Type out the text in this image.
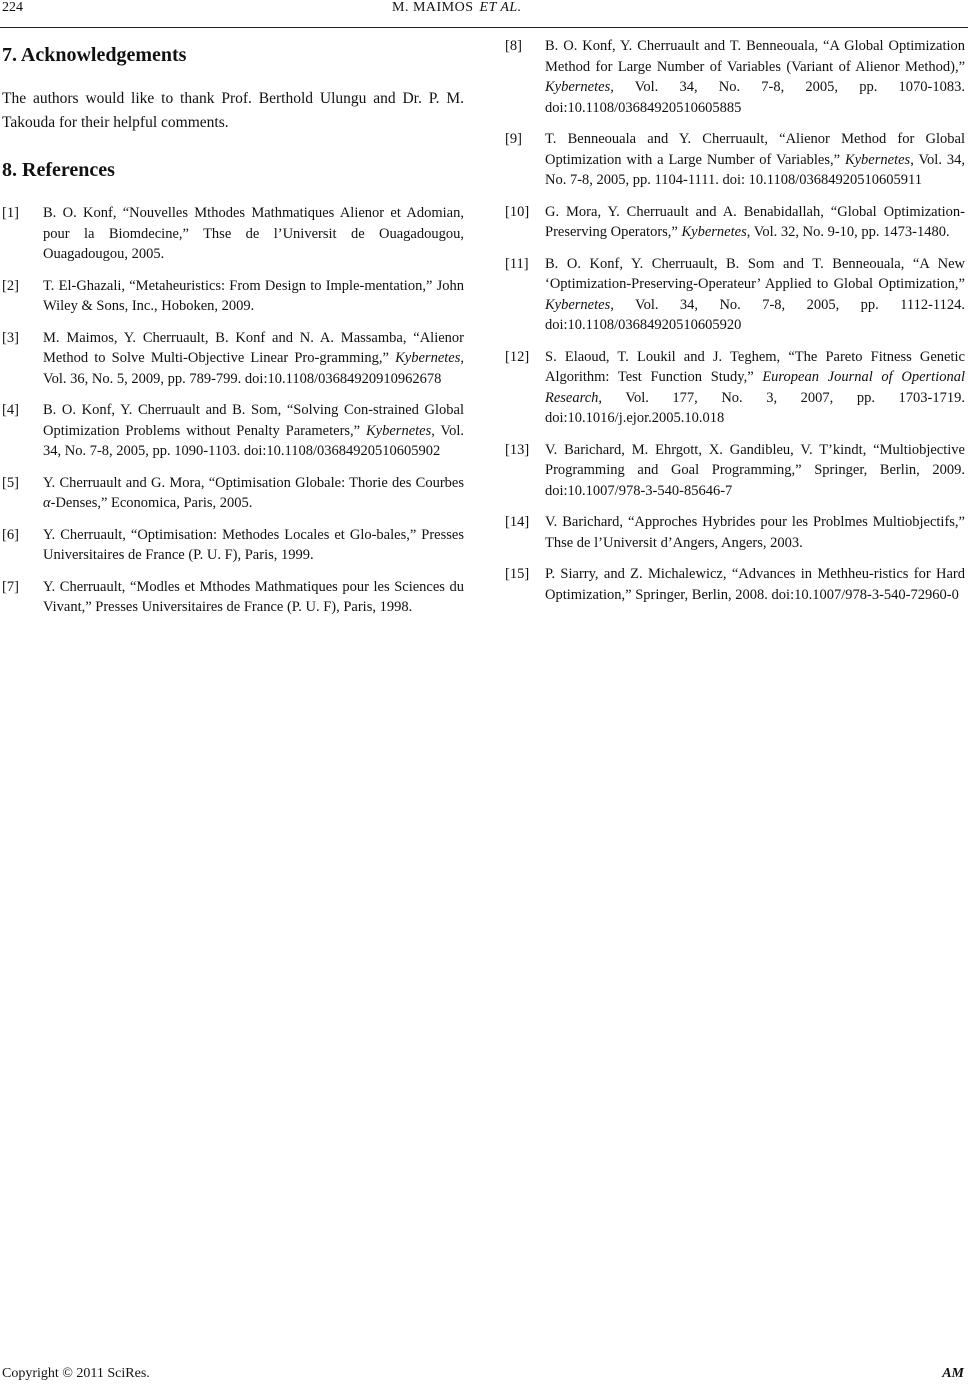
224	M. MAIMOS ET AL.
7. Acknowledgements

The authors would like to thank Prof. Berthold Ulungu and Dr. P. M. Takouda for their helpful comments.

8. References
[1] B. O. Konf, “Nouvelles Mthodes Mathmatiques Alienor et Adomian, pour la Biomdecine,” Thse de l’Universit de Ouagadougou, Ouagadougou, 2005.
[2] T. El-Ghazali, “Metaheuristics: From Design to Imple-mentation,” John Wiley & Sons, Inc., Hoboken, 2009.
[3] M. Maimos, Y. Cherruault, B. Konf and N. A. Massamba, “Alienor Method to Solve Multi-Objective Linear Pro-gramming,” Kybernetes, Vol. 36, No. 5, 2009, pp. 789-799. doi:10.1108/03684920910962678
[4] B. O. Konf, Y. Cherruault and B. Som, “Solving Con-strained Global Optimization Problems without Penalty Parameters,” Kybernetes, Vol. 34, No. 7-8, 2005, pp. 1090-1103. doi:10.1108/03684920510605902
[5] Y. Cherruault and G. Mora, “Optimisation Globale: Thorie des Courbes α-Denses,” Economica, Paris, 2005.
[6] Y. Cherruault, “Optimisation: Methodes Locales et Glo-bales,” Presses Universitaires de France (P. U. F), Paris, 1999.
[7] Y. Cherruault, “Modles et Mthodes Mathmatiques pour les Sciences du Vivant,” Presses Universitaires de France (P. U. F), Paris, 1998.
[8] B. O. Konf, Y. Cherruault and T. Benneouala, “A Global Optimization Method for Large Number of Variables (Variant of Alienor Method),” Kybernetes, Vol. 34, No. 7-8, 2005, pp. 1070-1083. doi:10.1108/03684920510605885
[9] T. Benneouala and Y. Cherruault, “Alienor Method for Global Optimization with a Large Number of Variables,” Kybernetes, Vol. 34, No. 7-8, 2005, pp. 1104-1111. doi: 10.1108/03684920510605911
[10] G. Mora, Y. Cherruault and A. Benabidallah, “Global Optimization-Preserving Operators,” Kybernetes, Vol. 32, No. 9-10, pp. 1473-1480.
[11] B. O. Konf, Y. Cherruault, B. Som and T. Benneouala, “A New ‘Optimization-Preserving-Operateur’ Applied to Global Optimization,” Kybernetes, Vol. 34, No. 7-8, 2005, pp. 1112-1124. doi:10.1108/03684920510605920
[12] S. Elaoud, T. Loukil and J. Teghem, “The Pareto Fitness Genetic Algorithm: Test Function Study,” European Journal of Opertional Research, Vol. 177, No. 3, 2007, pp. 1703-1719. doi:10.1016/j.ejor.2005.10.018
[13] V. Barichard, M. Ehrgott, X. Gandibleu, V. T’kindt, “Multiobjective Programming and Goal Programming,” Springer, Berlin, 2009. doi:10.1007/978-3-540-85646-7
[14] V. Barichard, “Approches Hybrides pour les Problmes Multiobjectifs,” Thse de l’Universit d’Angers, Angers, 2003.
[15] P. Siarry, and Z. Michalewicz, “Advances in Methheu-ristics for Hard Optimization,” Springer, Berlin, 2008. doi:10.1007/978-3-540-72960-0
Copyright © 2011 SciRes.	AM
